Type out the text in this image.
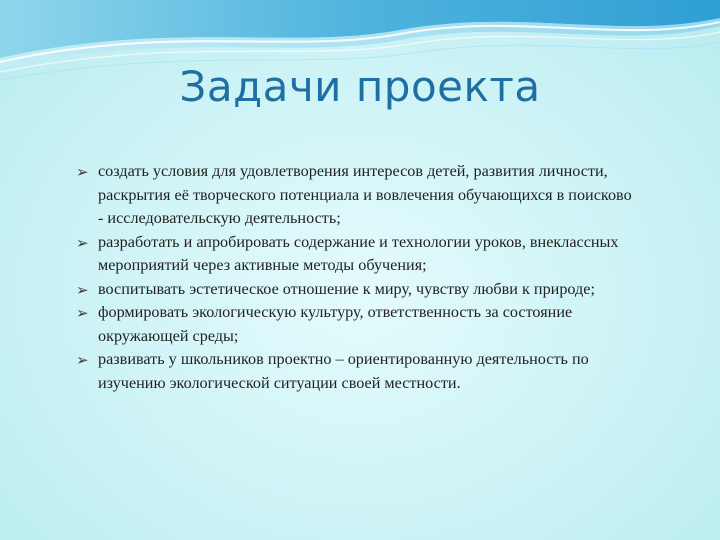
Задачи проекта
➢ создать условия для удовлетворения интересов детей, развития личности, раскрытия её творческого потенциала и вовлечения обучающихся в поисково - исследовательскую деятельность;
➢ разработать и апробировать содержание и технологии уроков, внеклассных мероприятий через активные методы обучения;
➢ воспитывать эстетическое отношение к миру, чувству любви к природе;
➢ формировать экологическую культуру, ответственность за состояние окружающей среды;
➢ развивать у школьников проектно – ориентированную деятельность по изучению экологической ситуации своей местности.
